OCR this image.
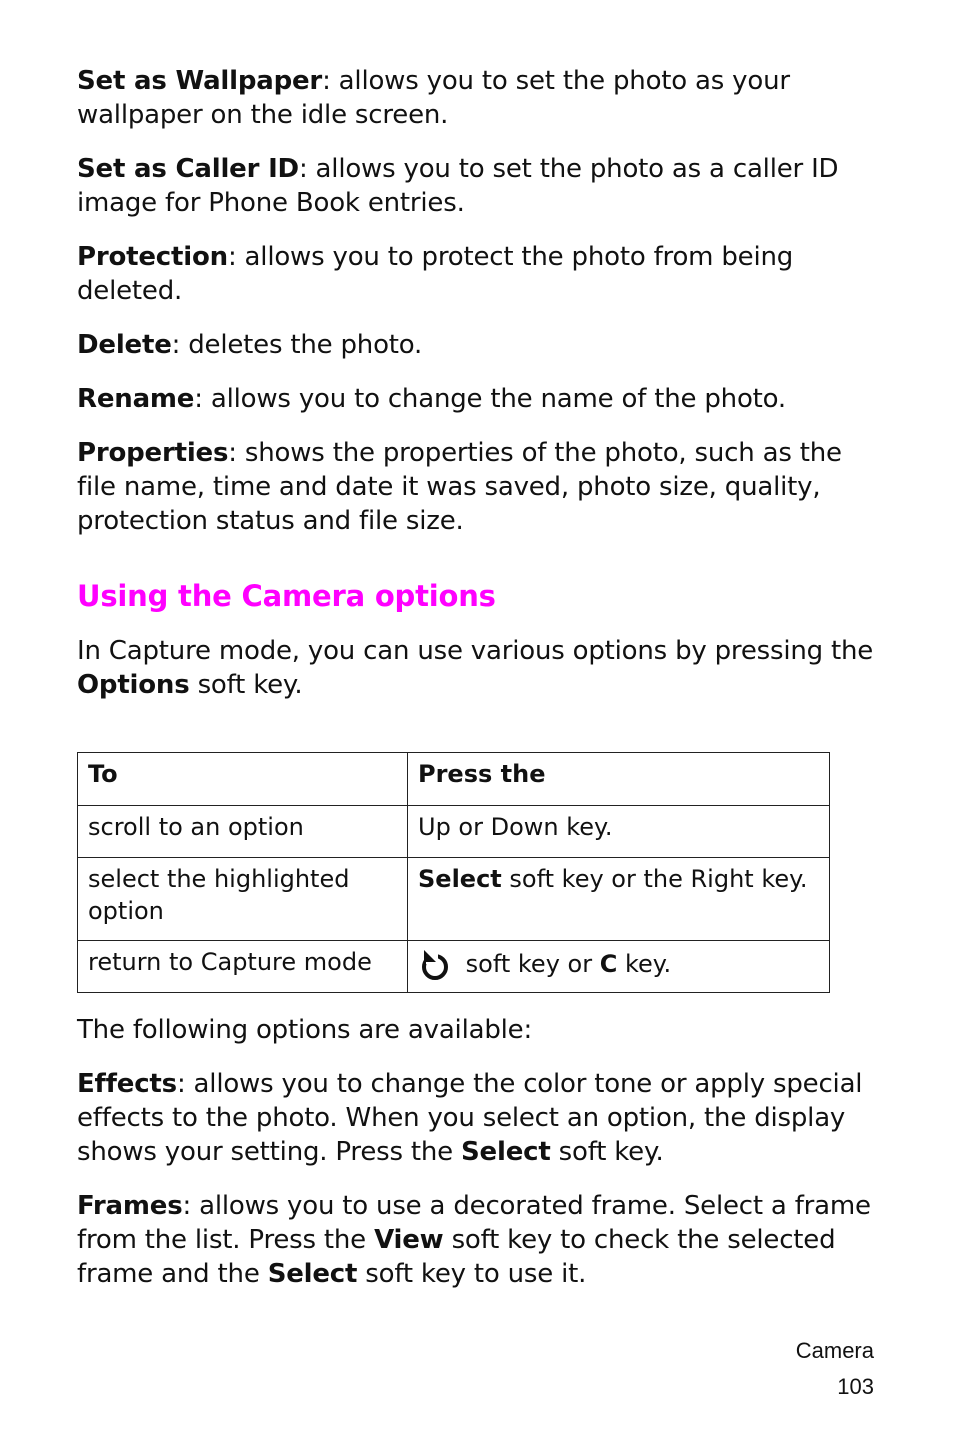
Set as Wallpaper: allows you to set the photo as your wallpaper on the idle screen.

Set as Caller ID: allows you to set the photo as a caller ID image for Phone Book entries.

Protection: allows you to protect the photo from being deleted.

Delete: deletes the photo.

Rename: allows you to change the name of the photo.

Properties: shows the properties of the photo, such as the file name, time and date it was saved, photo size, quality, protection status and file size.

Using the Camera options

In Capture mode, you can use various options by pressing the Options soft key.

To	Press the
scroll to an option	Up or Down key.
select the highlighted option	Select soft key or the Right key.
return to Capture mode	soft key or C key.

The following options are available:

Effects: allows you to change the color tone or apply special effects to the photo. When you select an option, the display shows your setting. Press the Select soft key.

Frames: allows you to use a decorated frame. Select a frame from the list. Press the View soft key to check the selected frame and the Select soft key to use it.

Camera
103
